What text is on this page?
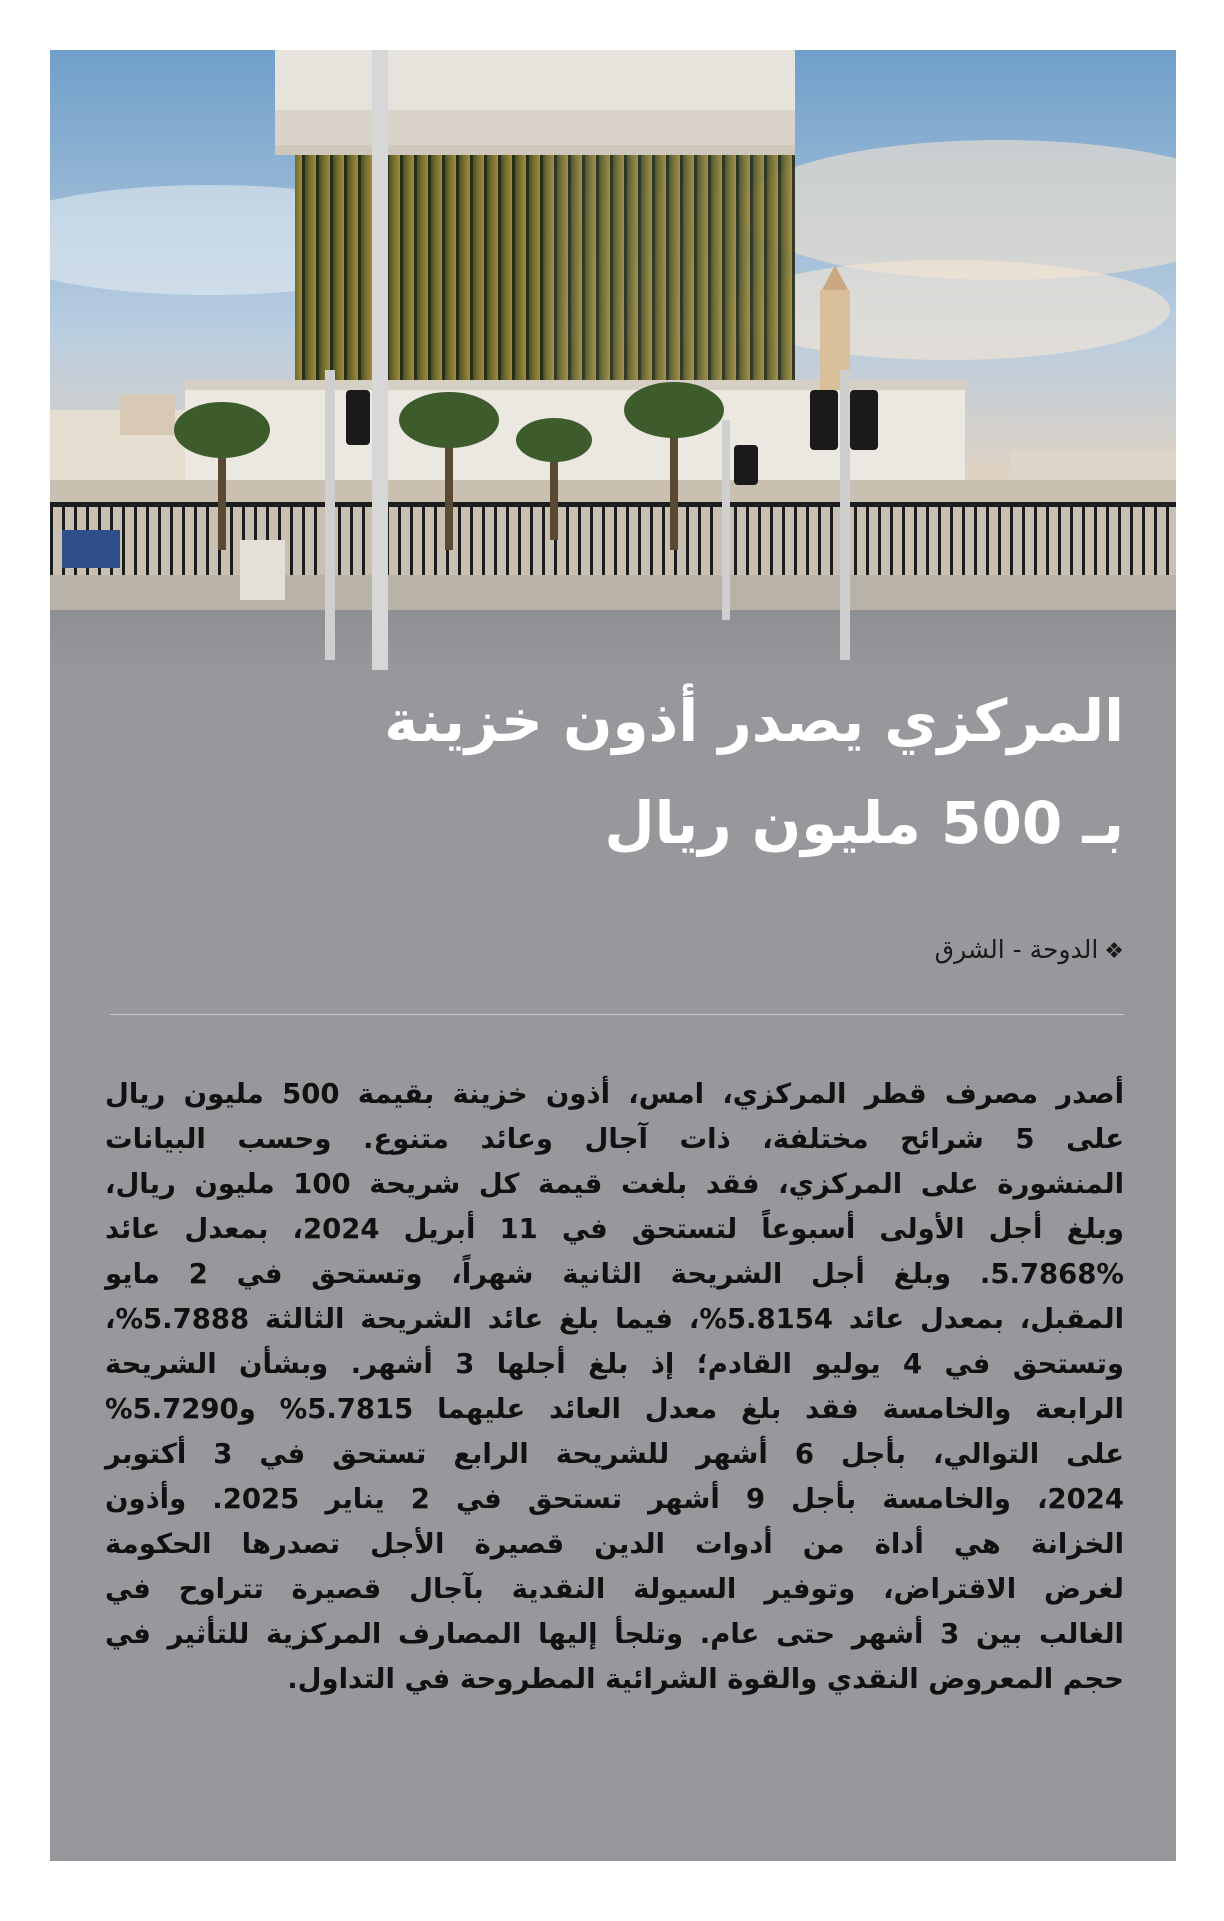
المركزي يصدر أذون خزينة
بـ 500 مليون ريال
❖الدوحة - الشرق
أصدر مصرف قطر المركزي، امس، أذون خزينة بقيمة 500 مليون ريال
على 5 شرائح مختلفة، ذات آجال وعائد متنوع. وحسب البيانات
المنشورة على المركزي، فقد بلغت قيمة كل شريحة 100 مليون ريال،
وبلغ أجل الأولى أسبوعاً لتستحق في 11 أبريل 2024، بمعدل عائد
5.7868%. وبلغ أجل الشريحة الثانية شهراً، وتستحق في 2 مايو
المقبل، بمعدل عائد 5.8154%، فيما بلغ عائد الشريحة الثالثة 5.7888%،
وتستحق في 4 يوليو القادم؛ إذ بلغ أجلها 3 أشهر. وبشأن الشريحة
الرابعة والخامسة فقد بلغ معدل العائد عليهما 5.7815% و5.7290%
على التوالي، بأجل 6 أشهر للشريحة الرابع تستحق في 3 أكتوبر
2024، والخامسة بأجل 9 أشهر تستحق في 2 يناير 2025. وأذون
الخزانة هي أداة من أدوات الدين قصيرة الأجل تصدرها الحكومة
لغرض الاقتراض، وتوفير السيولة النقدية بآجال قصيرة تتراوح في
الغالب بين 3 أشهر حتى عام. وتلجأ إليها المصارف المركزية للتأثير في
حجم المعروض النقدي والقوة الشرائية المطروحة في التداول.
